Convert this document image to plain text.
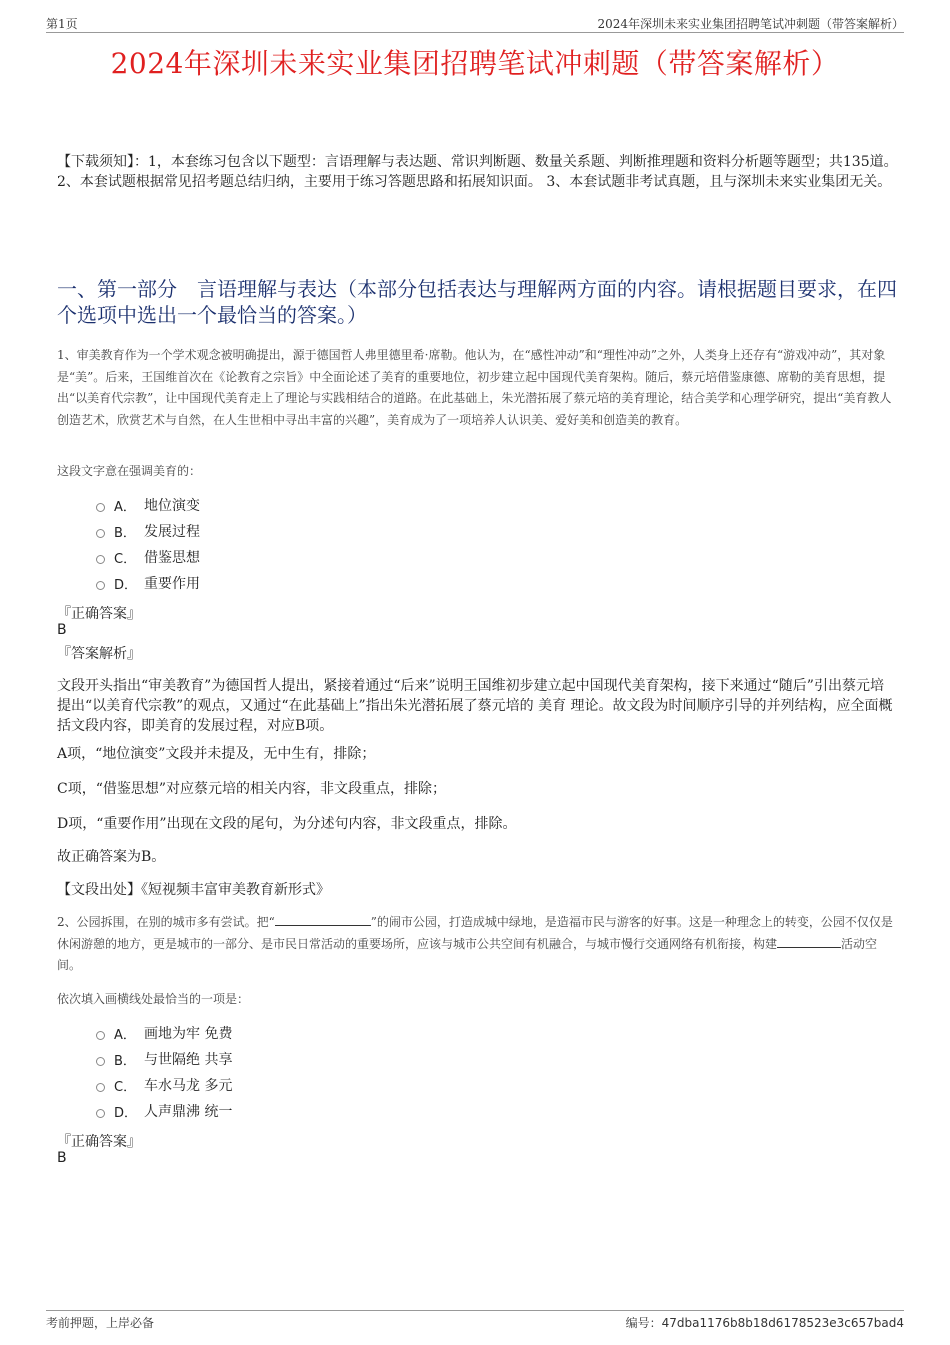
第1页	2024年深圳未来实业集团招聘笔试冲刺题（带答案解析）
2024年深圳未来实业集团招聘笔试冲刺题（带答案解析）
【下载须知】：1，本套练习包含以下题型：言语理解与表达题、常识判断题、数量关系题、判断推理题和资料分析题等题型；共135道。 2、本套试题根据常见招考题总结归纳，主要用于练习答题思路和拓展知识面。 3、本套试题非考试真题，且与深圳未来实业集团无关。
一、第一部分　言语理解与表达（本部分包括表达与理解两方面的内容。请根据题目要求，在四个选项中选出一个最恰当的答案。）
1、审美教育作为一个学术观念被明确提出，源于德国哲人弗里德里希·席勒。他认为，在“感性冲动”和“理性冲动”之外，人类身上还存有“游戏冲动”，其对象是“美”。后来，王国维首次在《论教育之宗旨》中全面论述了美育的重要地位，初步建立起中国现代美育架构。随后，蔡元培借鉴康德、席勒的美育思想，提出“以美育代宗教”，让中国现代美育走上了理论与实践相结合的道路。在此基础上，朱光潜拓展了蔡元培的美育理论，结合美学和心理学研究，提出“美育教人创造艺术，欣赏艺术与自然，在人生世相中寻出丰富的兴趣”，美育成为了一项培养人认识美、爱好美和创造美的教育。
这段文字意在强调美育的：
A． 地位演变
B． 发展过程
C． 借鉴思想
D． 重要作用
『正确答案』
B
『答案解析』
文段开头指出“审美教育”为德国哲人提出，紧接着通过“后来”说明王国维初步建立起中国现代美育架构，接下来通过“随后”引出蔡元培提出“以美育代宗教”的观点，又通过“在此基础上”指出朱光潜拓展了蔡元培的 美育 理论。故文段为时间顺序引导的并列结构，应全面概括文段内容，即美育的发展过程，对应B项。
A项，“地位演变”文段并未提及，无中生有，排除；
C项，“借鉴思想”对应蔡元培的相关内容，非文段重点，排除；
D项，“重要作用”出现在文段的尾句，为分述句内容，非文段重点，排除。
故正确答案为B。
【文段出处】《短视频丰富审美教育新形式》
2、公园拆围，在别的城市多有尝试。把“	”的闹市公园，打造成城中绿地，是造福市民与游客的好事。这是一种理念上的转变，公园不仅仅是休闲游憩的地方，更是城市的一部分、是市民日常活动的重要场所，应该与城市公共空间有机融合，与城市慢行交通网络有机衔接，构建	活动空间。
依次填入画横线处最恰当的一项是：
A． 画地为牢 免费
B． 与世隔绝 共享
C． 车水马龙 多元
D． 人声鼎沸 统一
『正确答案』
B
考前押题，上岸必备	编号：47dba1176b8b18d6178523e3c657bad4
